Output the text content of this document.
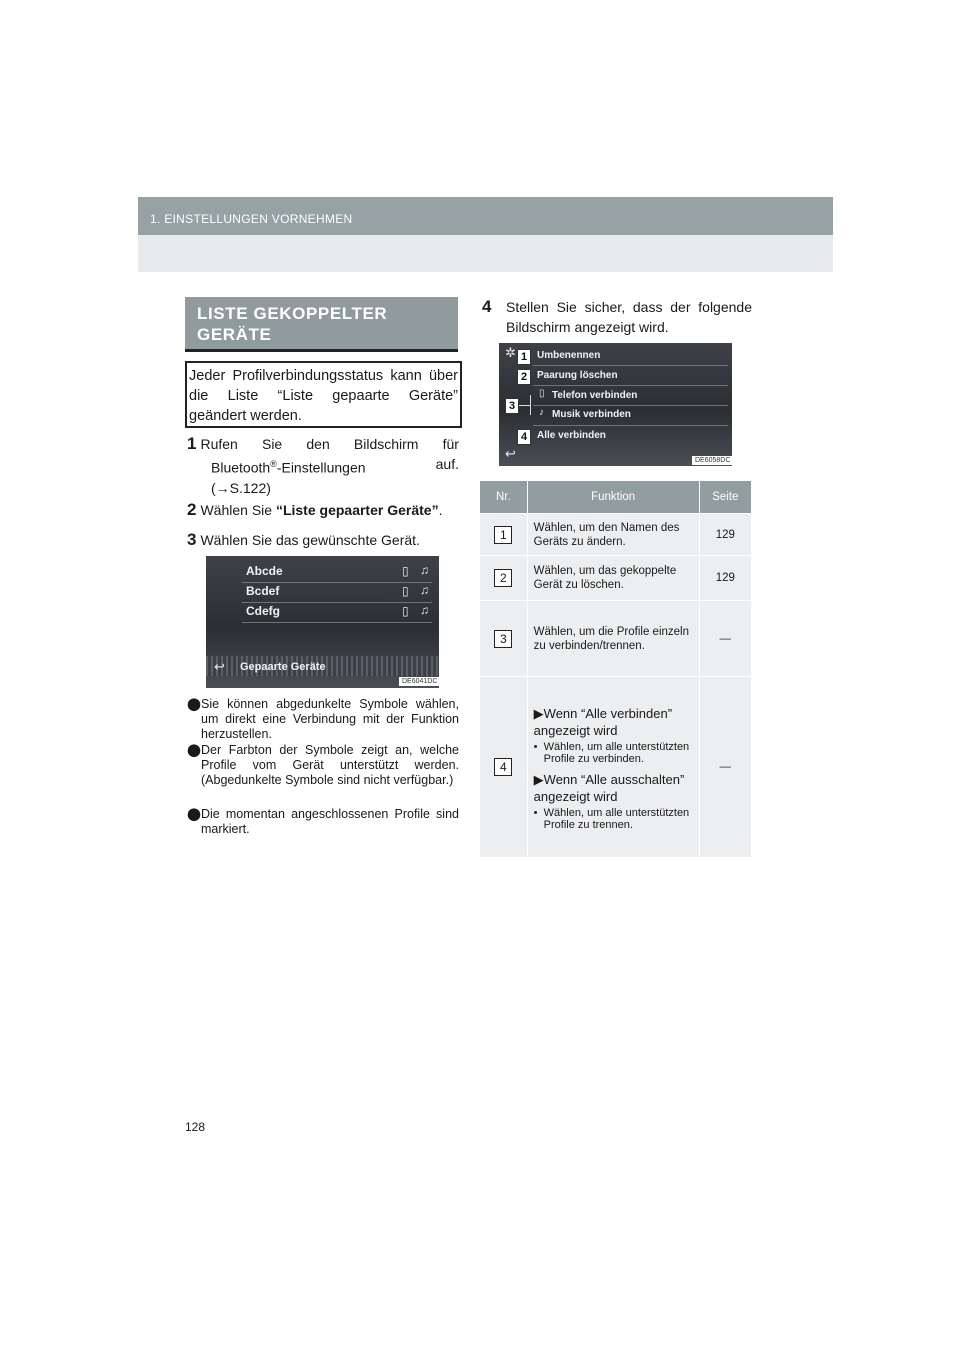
1. EINSTELLUNGEN VORNEHMEN
LISTE GEKOPPELTER GERÄTE
Jeder Profilverbindungsstatus kann über die Liste “Liste gepaarte Geräte” geändert werden.
1 Rufen Sie den Bildschirm für
Bluetooth®-Einstellungen	auf.
(→S.122)
2 Wählen Sie “Liste gepaarter Geräte”.
3 Wählen Sie das gewünschte Gerät.
Abcde
Bcdef
Cdefg
▯ ♫
▯ ♫
▯ ♫
↩ Gepaarte Geräte
DE6041DC
⬤ Sie können abgedunkelte Symbole wählen, um direkt eine Verbindung mit der Funktion herzustellen.
⬤ Der Farbton der Symbole zeigt an, welche Profile vom Gerät unterstützt werden. (Abgedunkelte Symbole sind nicht verfügbar.)
⬤ Die momentan angeschlossenen Profile sind markiert.
4	Stellen Sie sicher, dass der folgende Bildschirm angezeigt wird.
✲ 1 Umbenennen
2 Paarung löschen
▯ Telefon verbinden
3
♪ Musik verbinden
4 Alle verbinden
↩	DE6058DC
Nr.	Funktion	Seite
1	Wählen, um den Namen des Geräts zu ändern.	129
2	Wählen, um das gekoppelte Gerät zu löschen.	129
3	Wählen, um die Profile einzeln zu verbinden/trennen.	—
4	▶Wenn “Alle verbinden” angezeigt wird
• Wählen, um alle unterstützten Profile zu verbinden.
▶Wenn “Alle ausschalten” angezeigt wird
• Wählen, um alle unterstützten Profile zu trennen.	—
128
